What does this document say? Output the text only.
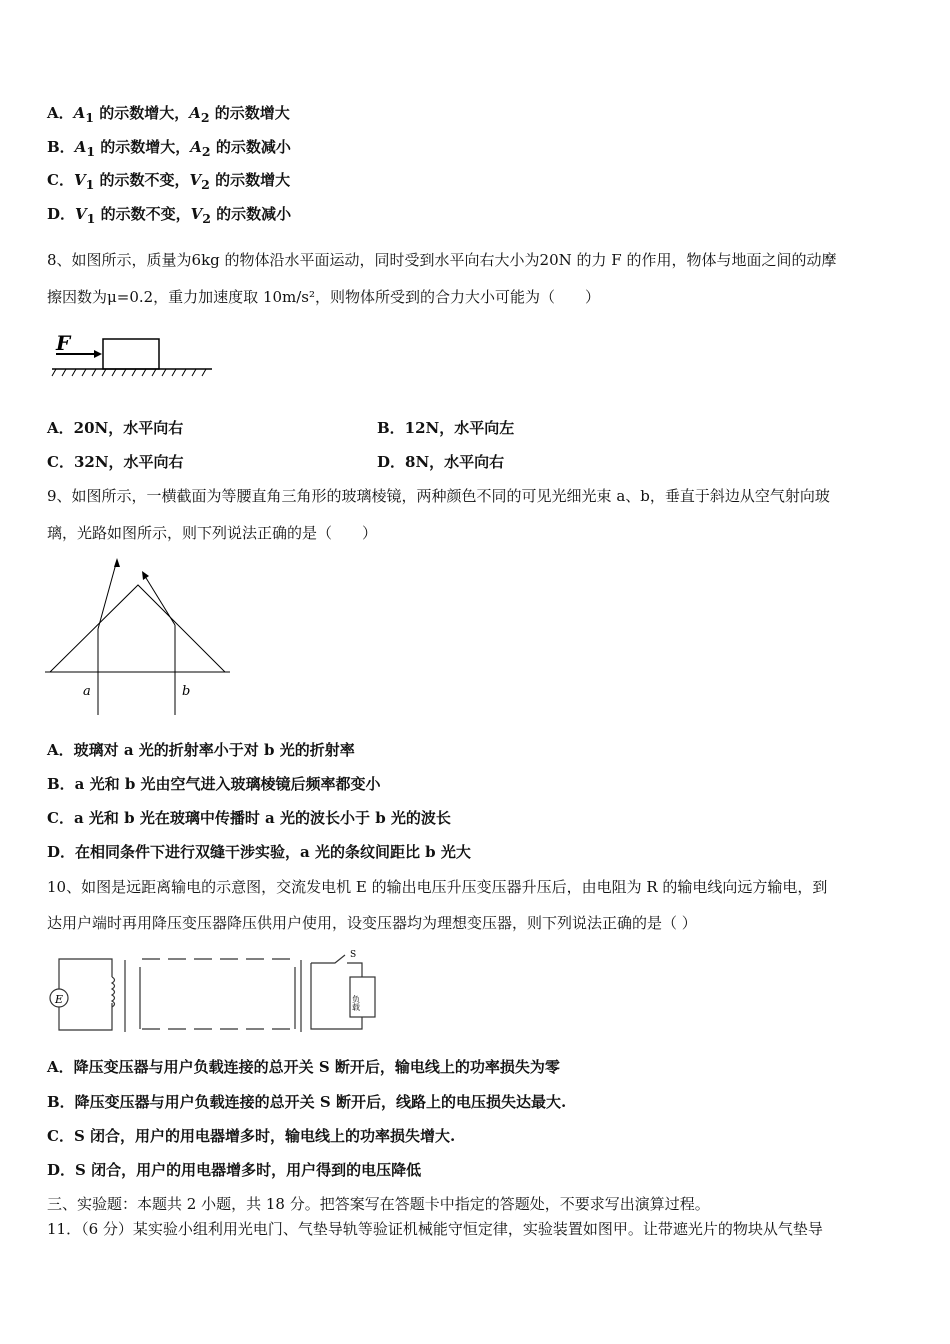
A．$A_1$ 的示数增大，$A_2$ 的示数增大
B．$A_1$ 的示数增大，$A_2$ 的示数减小
C．$V_1$ 的示数不变，$V_2$ 的示数增大
D．$V_1$ 的示数不变，$V_2$ 的示数减小
8、如图所示，质量为6kg 的物体沿水平面运动，同时受到水平向右大小为20N 的力 F 的作用，物体与地面之间的动摩
擦因数为μ=0.2，重力加速度取 10m/s²，则物体所受到的合力大小可能为（　　）
F
A．20N，水平向右	B．12N，水平向左
C．32N，水平向右	D．8N，水平向右
9、如图所示，一横截面为等腰直角三角形的玻璃棱镜，两种颜色不同的可见光细光束 a、b，垂直于斜边从空气射向玻
璃，光路如图所示，则下列说法正确的是（　　）
a	b
A．玻璃对 a 光的折射率小于对 b 光的折射率
B．a 光和 b 光由空气进入玻璃棱镜后频率都变小
C．a 光和 b 光在玻璃中传播时 a 光的波长小于 b 光的波长
D．在相同条件下进行双缝干涉实验，a 光的条纹间距比 b 光大
10、如图是远距离输电的示意图，交流发电机 E 的输出电压升压变压器升压后，由电阻为 R 的输电线向远方输电，到
达用户端时再用降压变压器降压供用户使用，设变压器均为理想变压器，则下列说法正确的是（ ）
E
S
负载
A．降压变压器与用户负载连接的总开关 S 断开后，输电线上的功率损失为零
B．降压变压器与用户负载连接的总开关 S 断开后，线路上的电压损失达最大.
C．S 闭合，用户的用电器增多时，输电线上的功率损失增大.
D．S 闭合，用户的用电器增多时，用户得到的电压降低
三、实验题：本题共 2 小题，共 18 分。把答案写在答题卡中指定的答题处，不要求写出演算过程。
11．（6 分）某实验小组利用光电门、气垫导轨等验证机械能守恒定律，实验装置如图甲。让带遮光片的物块从气垫导
